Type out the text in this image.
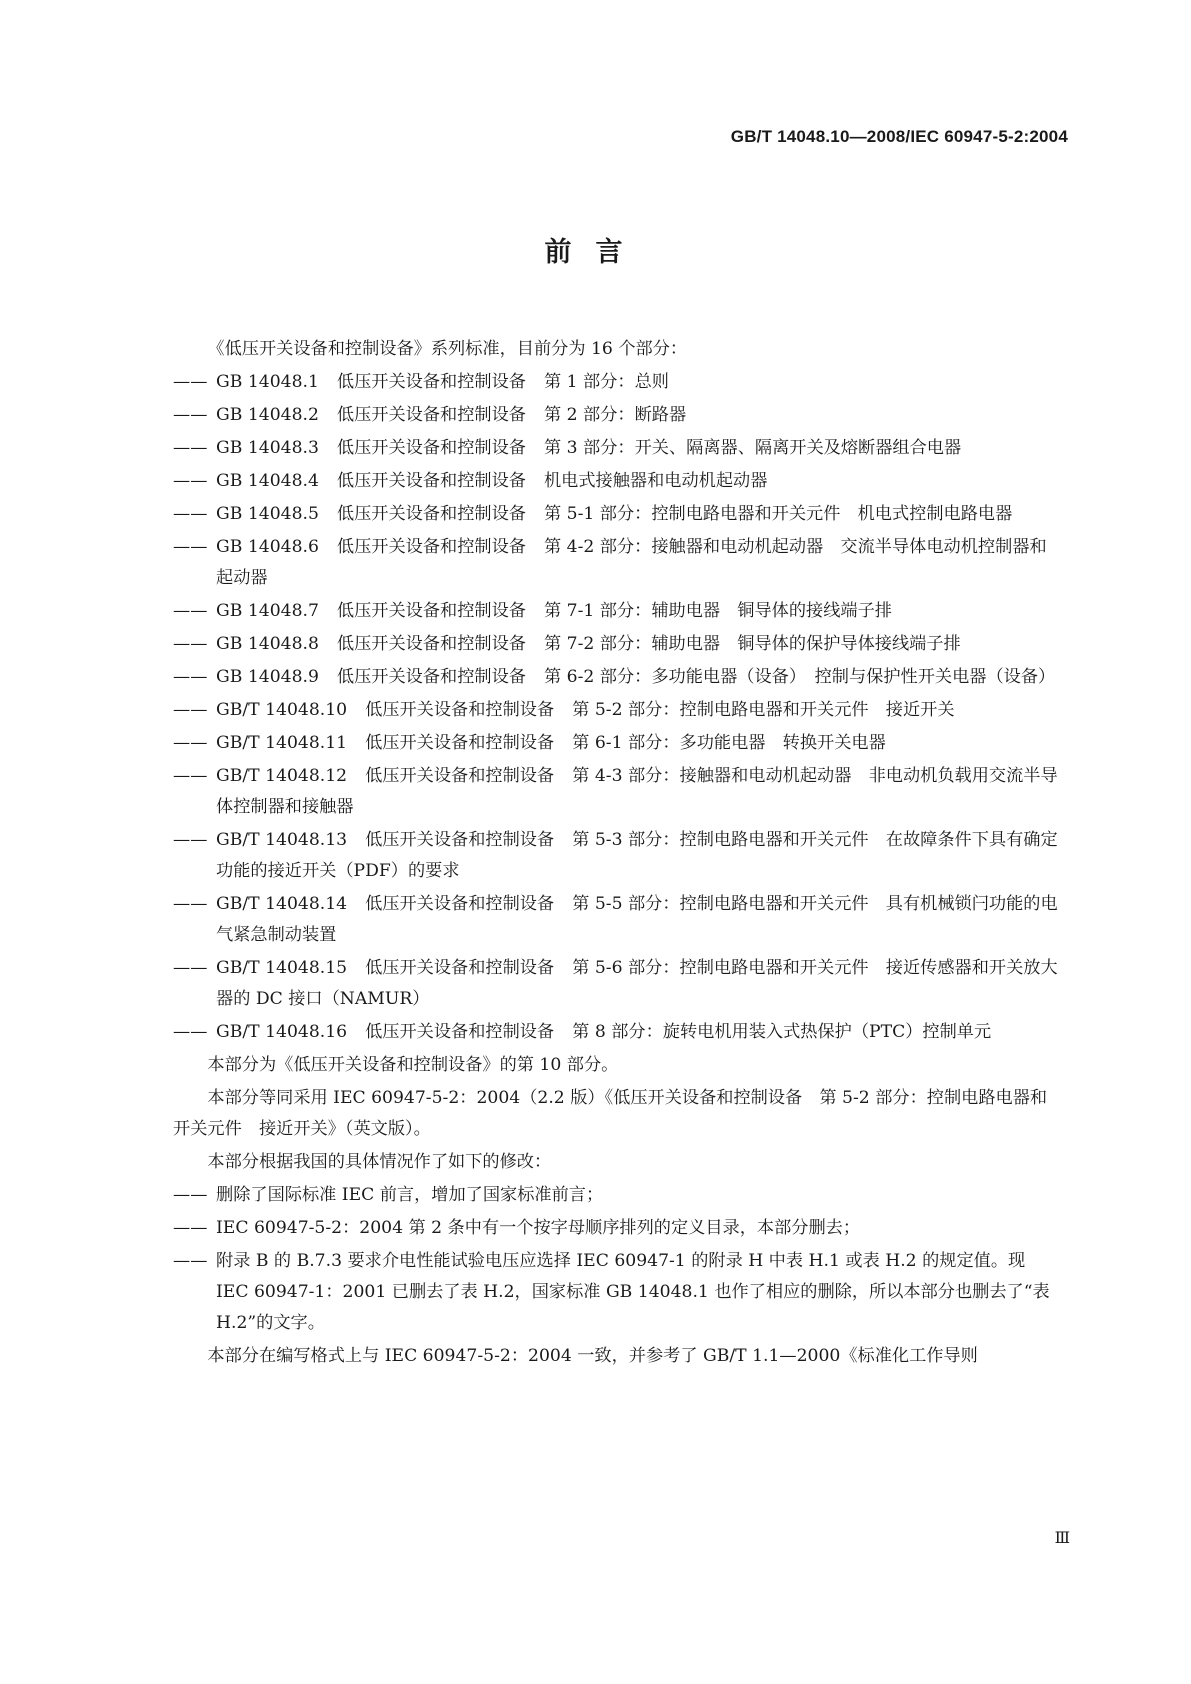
GB/T 14048.10—2008/IEC 60947-5-2:2004
前言

《低压开关设备和控制设备》系列标准，目前分为 16 个部分：

—— GB 14048.1 低压开关设备和控制设备 第 1 部分：总则
—— GB 14048.2 低压开关设备和控制设备 第 2 部分：断路器
—— GB 14048.3 低压开关设备和控制设备 第 3 部分：开关、隔离器、隔离开关及熔断器组合电器
—— GB 14048.4 低压开关设备和控制设备 机电式接触器和电动机起动器
—— GB 14048.5 低压开关设备和控制设备 第 5-1 部分：控制电路电器和开关元件　机电式控制电路电器
—— GB 14048.6 低压开关设备和控制设备 第 4-2 部分：接触器和电动机起动器　交流半导体电动机控制器和起动器
—— GB 14048.7 低压开关设备和控制设备 第 7-1 部分：辅助电器　铜导体的接线端子排
—— GB 14048.8 低压开关设备和控制设备 第 7-2 部分：辅助电器　铜导体的保护导体接线端子排
—— GB 14048.9 低压开关设备和控制设备 第 6-2 部分：多功能电器（设备）　控制与保护性开关电器（设备）
—— GB/T 14048.10 低压开关设备和控制设备 第 5-2 部分：控制电路电器和开关元件　接近开关
—— GB/T 14048.11 低压开关设备和控制设备 第 6-1 部分：多功能电器　转换开关电器
—— GB/T 14048.12 低压开关设备和控制设备 第 4-3 部分：接触器和电动机起动器　非电动机负载用交流半导体控制器和接触器
—— GB/T 14048.13 低压开关设备和控制设备 第 5-3 部分：控制电路电器和开关元件　在故障条件下具有确定功能的接近开关（PDF）的要求
—— GB/T 14048.14 低压开关设备和控制设备 第 5-5 部分：控制电路电器和开关元件　具有机械锁闩功能的电气紧急制动装置
—— GB/T 14048.15 低压开关设备和控制设备 第 5-6 部分：控制电路电器和开关元件　接近传感器和开关放大器的 DC 接口（NAMUR）
—— GB/T 14048.16 低压开关设备和控制设备 第 8 部分：旋转电机用装入式热保护（PTC）控制单元

本部分为《低压开关设备和控制设备》的第 10 部分。

本部分等同采用 IEC 60947-5-2：2004（2.2 版）《低压开关设备和控制设备　第 5-2 部分：控制电路电器和开关元件　接近开关》（英文版）。

本部分根据我国的具体情况作了如下的修改：

—— 删除了国际标准 IEC 前言，增加了国家标准前言；
—— IEC 60947-5-2：2004 第 2 条中有一个按字母顺序排列的定义目录，本部分删去；
—— 附录 B 的 B.7.3 要求介电性能试验电压应选择 IEC 60947-1 的附录 H 中表 H.1 或表 H.2 的规定值。现 IEC 60947-1：2001 已删去了表 H.2，国家标准 GB 14048.1 也作了相应的删除，所以本部分也删去了“表 H.2”的文字。

本部分在编写格式上与 IEC 60947-5-2：2004 一致，并参考了 GB/T 1.1—2000《标准化工作导则

Ⅲ
